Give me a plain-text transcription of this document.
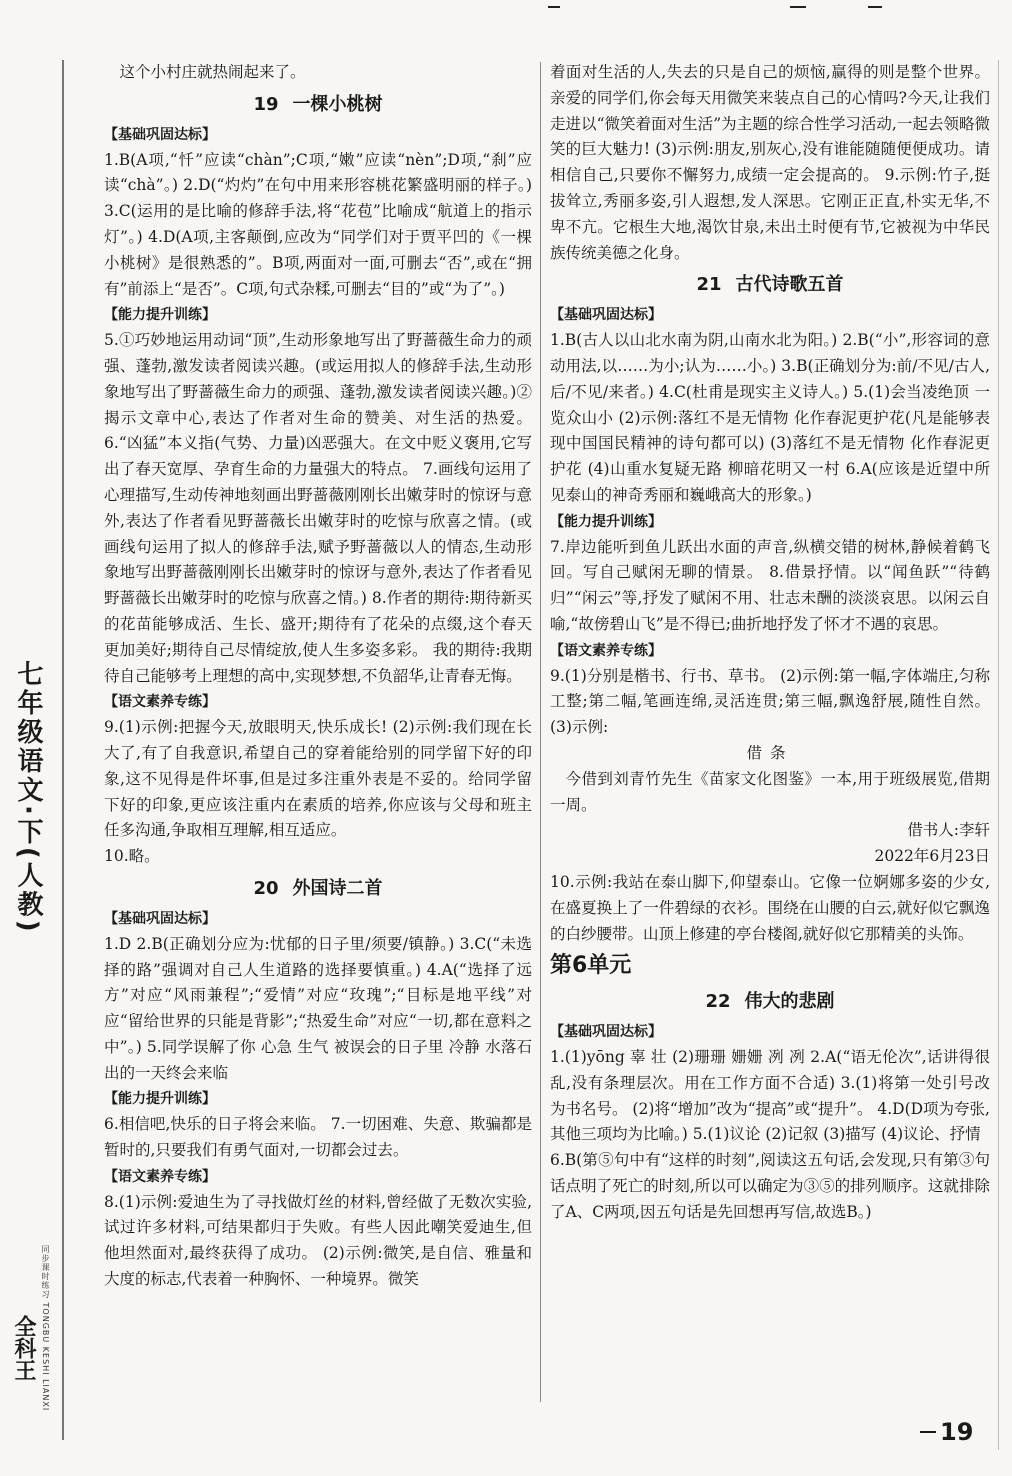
七年级语文·下(人教)
同步课时练习 TONGBU KESHI LIANXI
全科王

这个小村庄就热闹起来了。

19 一棵小桃树
【基础巩固达标】

1.B(A项,“忏”应读“chàn”;C项,“嫩”应读“nèn”;D项,“刹”应读“chà”。) 2.D(“灼灼”在句中用来形容桃花繁盛明丽的样子。) 3.C(运用的是比喻的修辞手法,将“花苞”比喻成“航道上的指示灯”。) 4.D(A项,主客颠倒,应改为“同学们对于贾平凹的《一棵小桃树》是很熟悉的”。B项,两面对一面,可删去“否”,或在“拥有”前添上“是否”。C项,句式杂糅,可删去“目的”或“为了”。)

【能力提升训练】

5.①巧妙地运用动词“顶”,生动形象地写出了野蔷薇生命力的顽强、蓬勃,激发读者阅读兴趣。(或运用拟人的修辞手法,生动形象地写出了野蔷薇生命力的顽强、蓬勃,激发读者阅读兴趣。)②揭示文章中心,表达了作者对生命的赞美、对生活的热爱。 6.“凶猛”本义指(气势、力量)凶恶强大。在文中贬义褒用,它写出了春天宽厚、孕育生命的力量强大的特点。 7.画线句运用了心理描写,生动传神地刻画出野蔷薇刚刚长出嫩芽时的惊讶与意外,表达了作者看见野蔷薇长出嫩芽时的吃惊与欣喜之情。(或画线句运用了拟人的修辞手法,赋予野蔷薇以人的情态,生动形象地写出野蔷薇刚刚长出嫩芽时的惊讶与意外,表达了作者看见野蔷薇长出嫩芽时的吃惊与欣喜之情。) 8.作者的期待:期待新买的花苗能够成活、生长、盛开;期待有了花朵的点缀,这个春天更加美好;期待自己尽情绽放,使人生多姿多彩。 我的期待:我期待自己能够考上理想的高中,实现梦想,不负韶华,让青春无悔。

【语文素养专练】

9.(1)示例:把握今天,放眼明天,快乐成长! (2)示例:我们现在长大了,有了自我意识,希望自己的穿着能给别的同学留下好的印象,这不见得是件坏事,但是过多注重外表是不妥的。给同学留下好的印象,更应该注重内在素质的培养,你应该与父母和班主任多沟通,争取相互理解,相互适应。

10.略。

20 外国诗二首
【基础巩固达标】

1.D 2.B(正确划分应为:忧郁的日子里/须要/镇静。) 3.C(“未选择的路”强调对自己人生道路的选择要慎重。) 4.A(“选择了远方”对应“风雨兼程”;“爱情”对应“玫瑰”;“目标是地平线”对应“留给世界的只能是背影”;“热爱生命”对应“一切,都在意料之中”。) 5.同学误解了你 心急 生气 被误会的日子里 冷静 水落石出的一天终会来临

【能力提升训练】

6.相信吧,快乐的日子将会来临。 7.一切困难、失意、欺骗都是暂时的,只要我们有勇气面对,一切都会过去。

【语文素养专练】

8.(1)示例:爱迪生为了寻找做灯丝的材料,曾经做了无数次实验,试过许多材料,可结果都归于失败。有些人因此嘲笑爱迪生,但他坦然面对,最终获得了成功。 (2)示例:微笑,是自信、雅量和大度的标志,代表着一种胸怀、一种境界。微笑

着面对生活的人,失去的只是自己的烦恼,赢得的则是整个世界。亲爱的同学们,你会每天用微笑来装点自己的心情吗?今天,让我们走进以“微笑着面对生活”为主题的综合性学习活动,一起去领略微笑的巨大魅力! (3)示例:朋友,别灰心,没有谁能随随便便成功。请相信自己,只要你不懈努力,成绩一定会提高的。 9.示例:竹子,挺拔耸立,秀丽多姿,引人遐想,发人深思。它刚正正直,朴实无华,不卑不亢。它根生大地,渴饮甘泉,未出土时便有节,它被视为中华民族传统美德之化身。

21 古代诗歌五首
【基础巩固达标】

1.B(古人以山北水南为阴,山南水北为阳。) 2.B(“小”,形容词的意动用法,以……为小;认为……小。) 3.B(正确划分为:前/不见/古人,后/不见/来者。) 4.C(杜甫是现实主义诗人。) 5.(1)会当凌绝顶 一览众山小 (2)示例:落红不是无情物 化作春泥更护花(凡是能够表现中国国民精神的诗句都可以) (3)落红不是无情物 化作春泥更护花 (4)山重水复疑无路 柳暗花明又一村 6.A(应该是近望中所见泰山的神奇秀丽和巍峨高大的形象。)

【能力提升训练】

7.岸边能听到鱼儿跃出水面的声音,纵横交错的树林,静候着鹤飞回。写自己赋闲无聊的情景。 8.借景抒情。以“闻鱼跃”“待鹤归”“闲云”等,抒发了赋闲不用、壮志未酬的淡淡哀思。以闲云自喻,“故傍碧山飞”是不得已;曲折地抒发了怀才不遇的哀思。

【语文素养专练】

9.(1)分别是楷书、行书、草书。 (2)示例:第一幅,字体端庄,匀称工整;第二幅,笔画连绵,灵活连贯;第三幅,飘逸舒展,随性自然。 (3)示例:

借条

今借到刘青竹先生《苗家文化图鉴》一本,用于班级展览,借期一周。

借书人:李轩

2022年6月23日

10.示例:我站在泰山脚下,仰望泰山。它像一位婀娜多姿的少女,在盛夏换上了一件碧绿的衣衫。围绕在山腰的白云,就好似它飘逸的白纱腰带。山顶上修建的亭台楼阁,就好似它那精美的头饰。

第6单元
22 伟大的悲剧
【基础巩固达标】

1.(1)yōng 辜 壮 (2)珊珊 姗姗 冽 冽 2.A(“语无伦次”,话讲得很乱,没有条理层次。用在工作方面不合适) 3.(1)将第一处引号改为书名号。 (2)将“增加”改为“提高”或“提升”。 4.D(D项为夸张,其他三项均为比喻。) 5.(1)议论 (2)记叙 (3)描写 (4)议论、抒情

6.B(第⑤句中有“这样的时刻”,阅读这五句话,会发现,只有第③句话点明了死亡的时刻,所以可以确定为③⑤的排列顺序。这就排除了A、C两项,因五句话是先回想再写信,故选B。)

19
